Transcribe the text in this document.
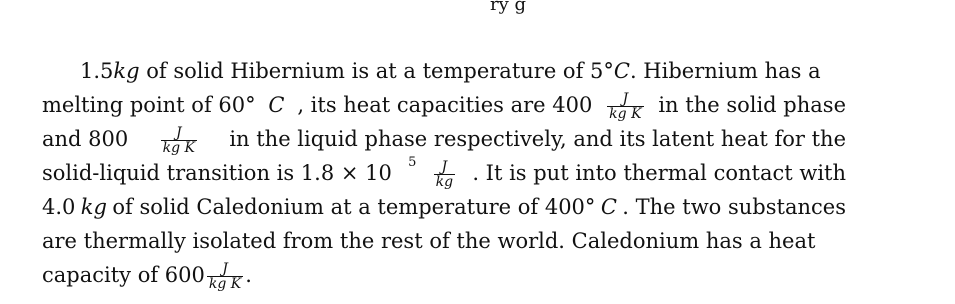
ry g
1.5kg of solid Hibernium is at a temperature of 5°C. Hibernium has a
melting point of 60° C , its heat capacities are $400 \frac{J}{\text{kg K}}$ in the solid phase
and $800 \frac{J}{\text{kg K}}$ in the liquid phase respectively, and its latent heat for the
solid-liquid transition is 1.8 × 10 $5 \frac{J}{kg}$ . It is put into thermal contact with
4.0 kg of solid Caledonium at a temperature of 400° C . The two substances
are thermally isolated from the rest of the world. Caledonium has a heat
capacity of $600 \frac{J}{\text{kg K}}$ .
